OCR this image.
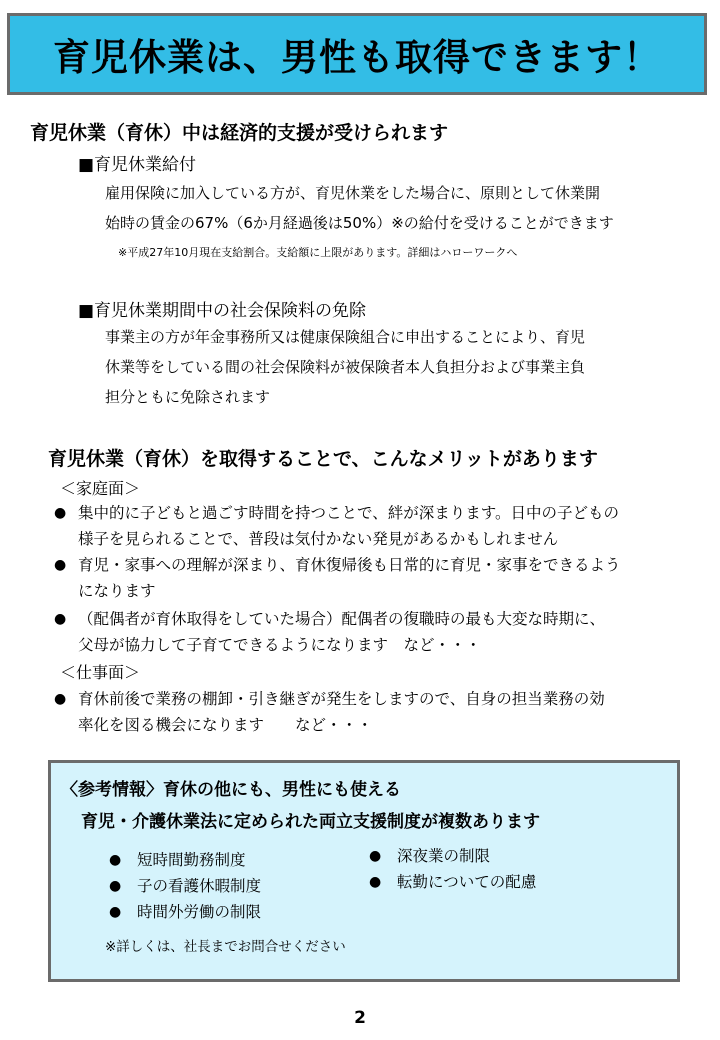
育児休業は、男性も取得できます！
育児休業（育休）中は経済的支援が受けられます
■育児休業給付
雇用保険に加入している方が、育児休業をした場合に、原則として休業開
始時の賃金の67%（6か月経過後は50%）※の給付を受けることができます
※平成27年10月現在支給割合。支給額に上限があります。詳細はハローワークへ
■育児休業期間中の社会保険料の免除
事業主の方が年金事務所又は健康保険組合に申出することにより、育児
休業等をしている間の社会保険料が被保険者本人負担分および事業主負
担分ともに免除されます
育児休業（育休）を取得することで、こんなメリットがあります
＜家庭面＞
● 集中的に子どもと過ごす時間を持つことで、絆が深まります。日中の子どもの
様子を見られることで、普段は気付かない発見があるかもしれません
● 育児・家事への理解が深まり、育休復帰後も日常的に育児・家事をできるよう
になります
● （配偶者が育休取得をしていた場合）配偶者の復職時の最も大変な時期に、
父母が協力して子育てできるようになります　など・・・
＜仕事面＞
● 育休前後で業務の棚卸・引き継ぎが発生をしますので、自身の担当業務の効
率化を図る機会になります　　など・・・
〈参考情報〉育休の他にも、男性にも使える
育児・介護休業法に定められた両立支援制度が複数あります
● 短時間勤務制度
● 子の看護休暇制度
● 時間外労働の制限
● 深夜業の制限
● 転勤についての配慮
※詳しくは、社長までお問合せください
2
